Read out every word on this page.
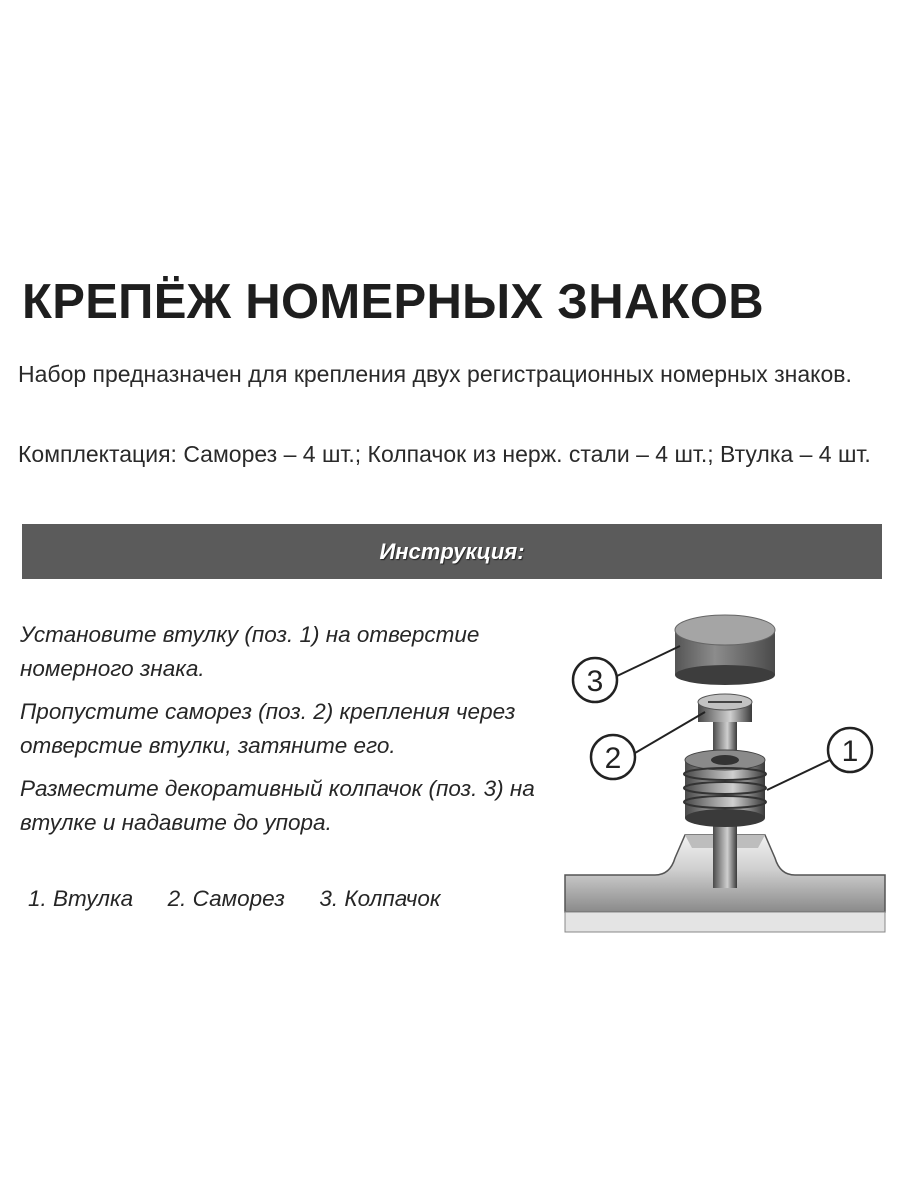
КРЕПЁЖ НОМЕРНЫХ ЗНАКОВ
Набор предназначен для крепления двух регистрационных номерных знаков.
Комплектация: Саморез – 4 шт.; Колпачок из нерж. стали – 4 шт.; Втулка – 4 шт.
Инструкция:

Установите втулку (поз. 1) на отверстие номерного знака.

Пропустите саморез (поз. 2) крепления через отверстие втулки, затяните его.

Разместите декоративный колпачок (поз. 3) на втулке и надавите до упора.

1. Втулка 2. Саморез 3. Колпачок
3
2	1
